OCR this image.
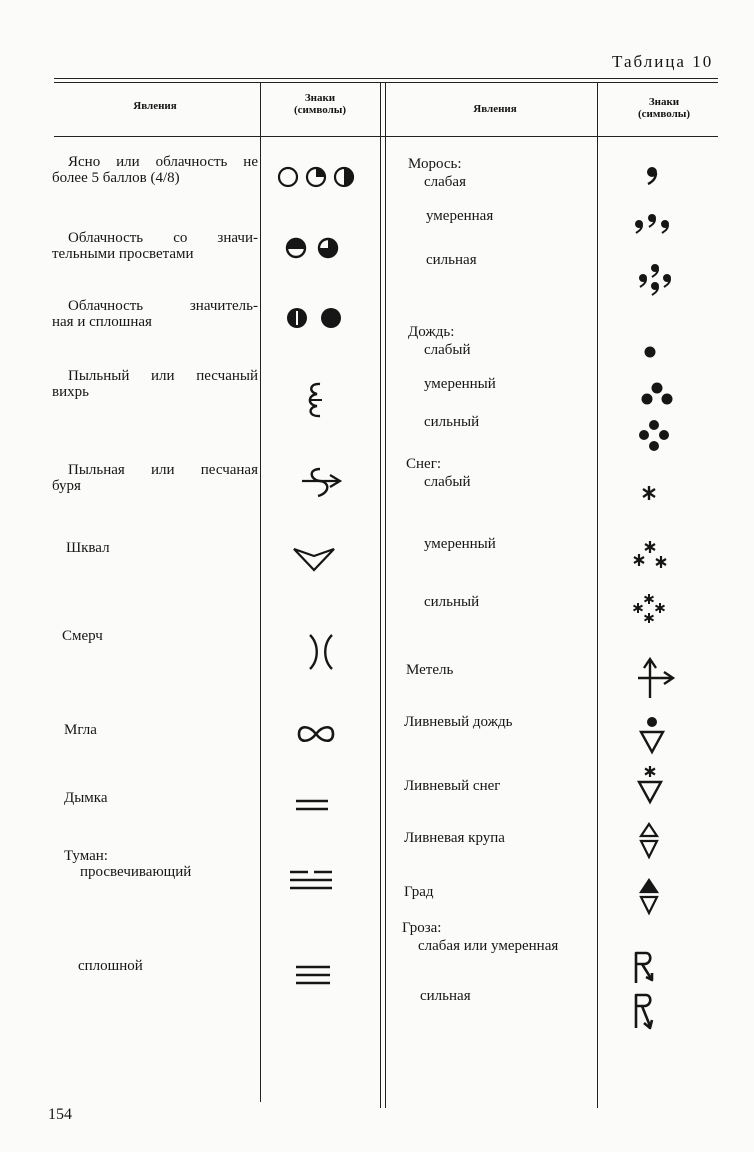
Таблица 10
Явления
Знаки
(символы)	Явления
Знаки
(символы)
Ясно или облачность не
более 5 баллов (4/8)
Облачность со значи-
тельными просветами
Облачность значитель-
ная и сплошная
Пыльный или песчаный
вихрь
Пыльная или песчаная
буря
Шквал
Смерч
Мгла
Дымка
Туман:
просвечивающий
сплошной
Морось:
слабая
умеренная
сильная
Дождь:
слабый
умеренный
сильный
Снег:
слабый
умеренный
сильный
Метель
Ливневый дождь
Ливневый снег
Ливневая крупа
Град
Гроза:
слабая или умеренная
сильная
154
